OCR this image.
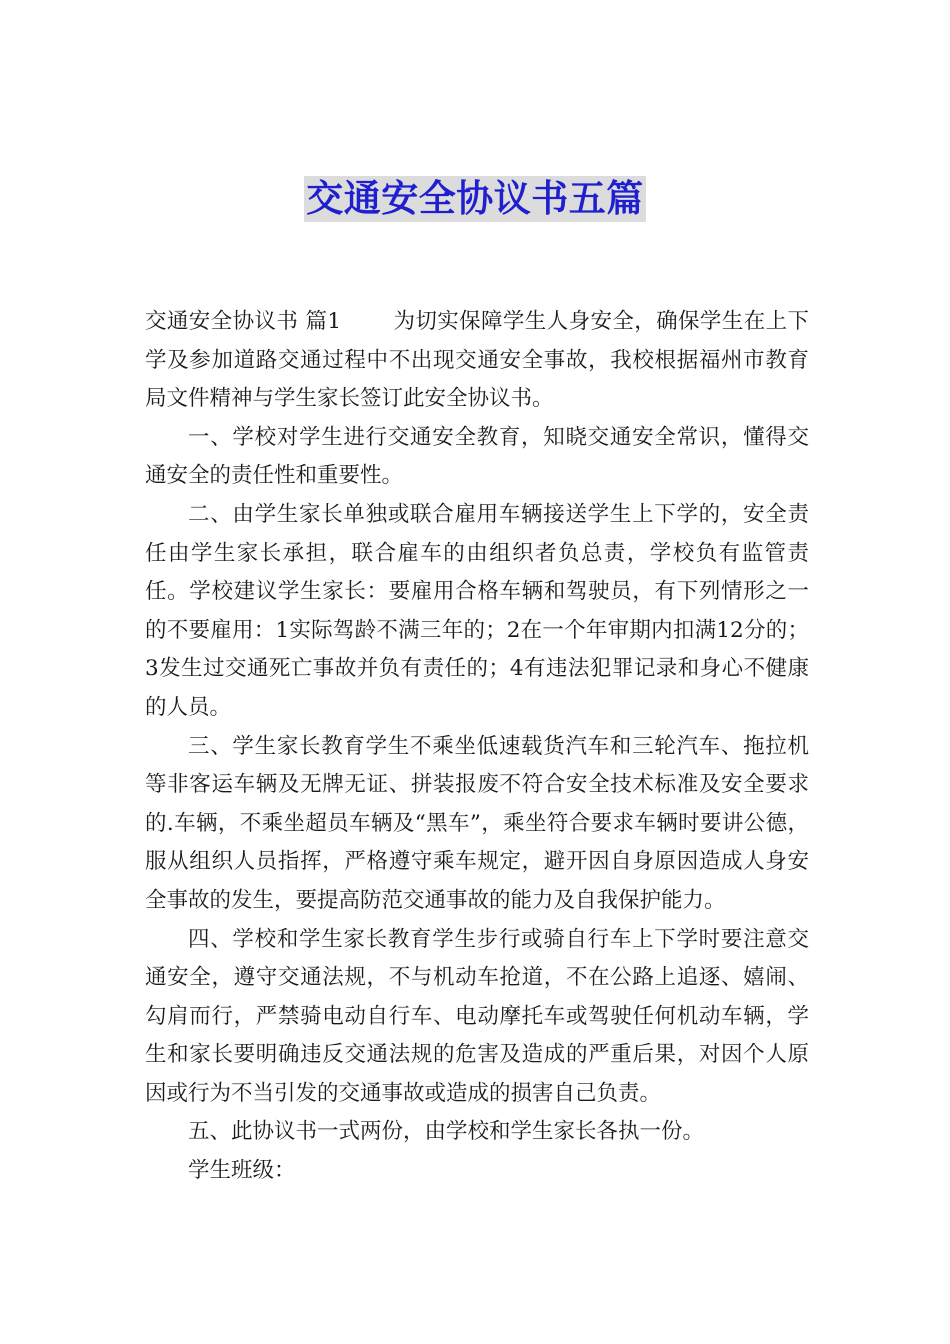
交通安全协议书五篇

交通安全协议书 篇1 为切实保障学生人身安全，确保学生在上下学及参加道路交通过程中不出现交通安全事故，我校根据福州市教育局文件精神与学生家长签订此安全协议书。

一、学校对学生进行交通安全教育，知晓交通安全常识，懂得交通安全的责任性和重要性。

二、由学生家长单独或联合雇用车辆接送学生上下学的，安全责任由学生家长承担，联合雇车的由组织者负总责，学校负有监管责任。学校建议学生家长：要雇用合格车辆和驾驶员，有下列情形之一的不要雇用：1实际驾龄不满三年的；2在一个年审期内扣满12分的；3发生过交通死亡事故并负有责任的；4有违法犯罪记录和身心不健康的人员。

三、学生家长教育学生不乘坐低速载货汽车和三轮汽车、拖拉机等非客运车辆及无牌无证、拼装报废不符合安全技术标准及安全要求的.车辆，不乘坐超员车辆及“黑车”，乘坐符合要求车辆时要讲公德，服从组织人员指挥，严格遵守乘车规定，避开因自身原因造成人身安全事故的发生，要提高防范交通事故的能力及自我保护能力。

四、学校和学生家长教育学生步行或骑自行车上下学时要注意交通安全，遵守交通法规，不与机动车抢道，不在公路上追逐、嬉闹、勾肩而行，严禁骑电动自行车、电动摩托车或驾驶任何机动车辆，学生和家长要明确违反交通法规的危害及造成的严重后果，对因个人原因或行为不当引发的交通事故或造成的损害自己负责。

五、此协议书一式两份，由学校和学生家长各执一份。

学生班级：
